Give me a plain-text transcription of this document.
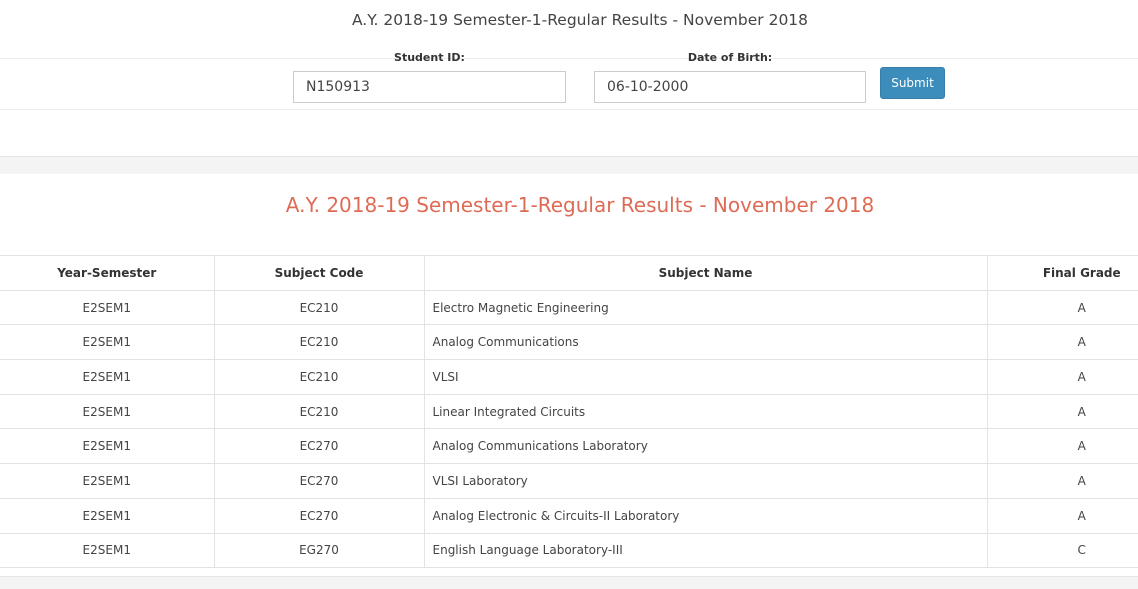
A.Y. 2018-19 Semester-1-Regular Results - November 2018
Student ID:
N150913	Date of Birth:
06-10-2000
Submit
A.Y. 2018-19 Semester-1-Regular Results - November 2018
Year-Semester	Subject Code	Subject Name	Final Grade
E2SEM1	EC210	Electro Magnetic Engineering	A
E2SEM1	EC210	Analog Communications	A
E2SEM1	EC210	VLSI	A
E2SEM1	EC210	Linear Integrated Circuits	A
E2SEM1	EC270	Analog Communications Laboratory	A
E2SEM1	EC270	VLSI Laboratory	A
E2SEM1	EC270	Analog Electronic & Circuits-II Laboratory	A
E2SEM1	EG270	English Language Laboratory-III	C
